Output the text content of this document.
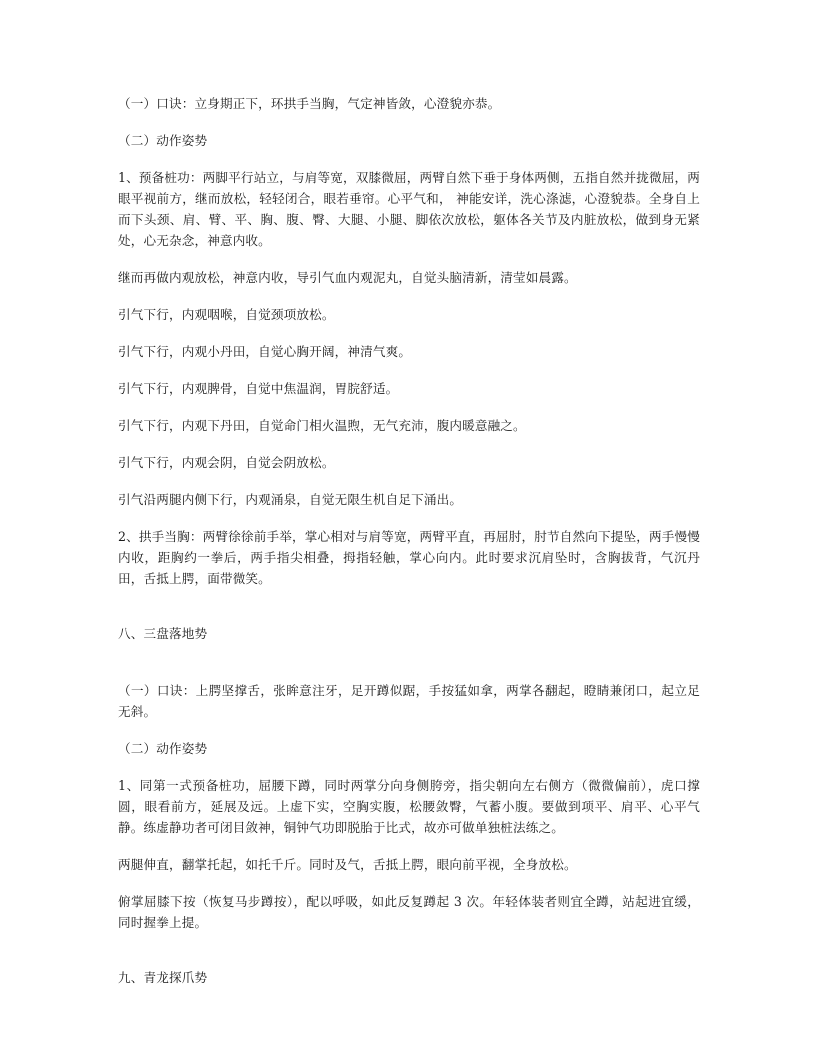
（一）口诀：立身期正下，环拱手当胸，气定神皆敛，心澄貌亦恭。

（二）动作姿势

1、预备桩功：两脚平行站立，与肩等宽，双膝微屈，两臂自然下垂于身体两侧，五指自然并拢微屈，两眼平视前方，继而放松，轻轻闭合，眼若垂帘。心平气和， 神能安详，洗心涤滤，心澄貌恭。全身自上而下头颈、肩、臂、平、胸、腹、臀、大腿、小腿、脚依次放松，躯体各关节及内脏放松，做到身无紧处，心无杂念，神意内收。

继而再做内观放松，神意内收，导引气血内观泥丸，自觉头脑清新，清莹如晨露。

引气下行，内观咽喉，自觉颈项放松。

引气下行，内观小丹田，自觉心胸开阔，神清气爽。

引气下行，内观脾骨，自觉中焦温润，胃脘舒适。

引气下行，内观下丹田，自觉命门相火温煦，无气充沛，腹内暖意融之。

引气下行，内观会阴，自觉会阴放松。

引气沿两腿内侧下行，内观涌泉，自觉无限生机自足下涌出。

2、拱手当胸：两臂徐徐前手举，掌心相对与肩等宽，两臂平直，再屈肘，肘节自然向下提坠，两手慢慢内收，距胸约一拳后，两手指尖相叠，拇指轻触，掌心向内。此时要求沉肩坠时，含胸拔背，气沉丹田，舌抵上腭，面带微笑。

八、三盘落地势

（一）口诀：上腭坚撑舌，张眸意注牙，足开蹲似踞，手按猛如拿，两掌各翻起，瞪睛兼闭口，起立足无斜。

（二）动作姿势

1、同第一式预备桩功，屈腰下蹲，同时两掌分向身侧胯旁，指尖朝向左右侧方（微微偏前），虎口撑圆，眼看前方，延展及远。上虚下实，空胸实腹，松腰敛臀，气蓄小腹。要做到项平、肩平、心平气静。练虚静功者可闭目敛神，铜钟气功即脱胎于比式，故亦可做单独桩法练之。

两腿伸直，翻掌托起，如托千斤。同时及气，舌抵上腭，眼向前平视，全身放松。

俯掌屈膝下按（恢复马步蹲按），配以呼吸，如此反复蹲起 3 次。年轻体装者则宜全蹲，站起进宜缓，同时握拳上提。

九、青龙探爪势
